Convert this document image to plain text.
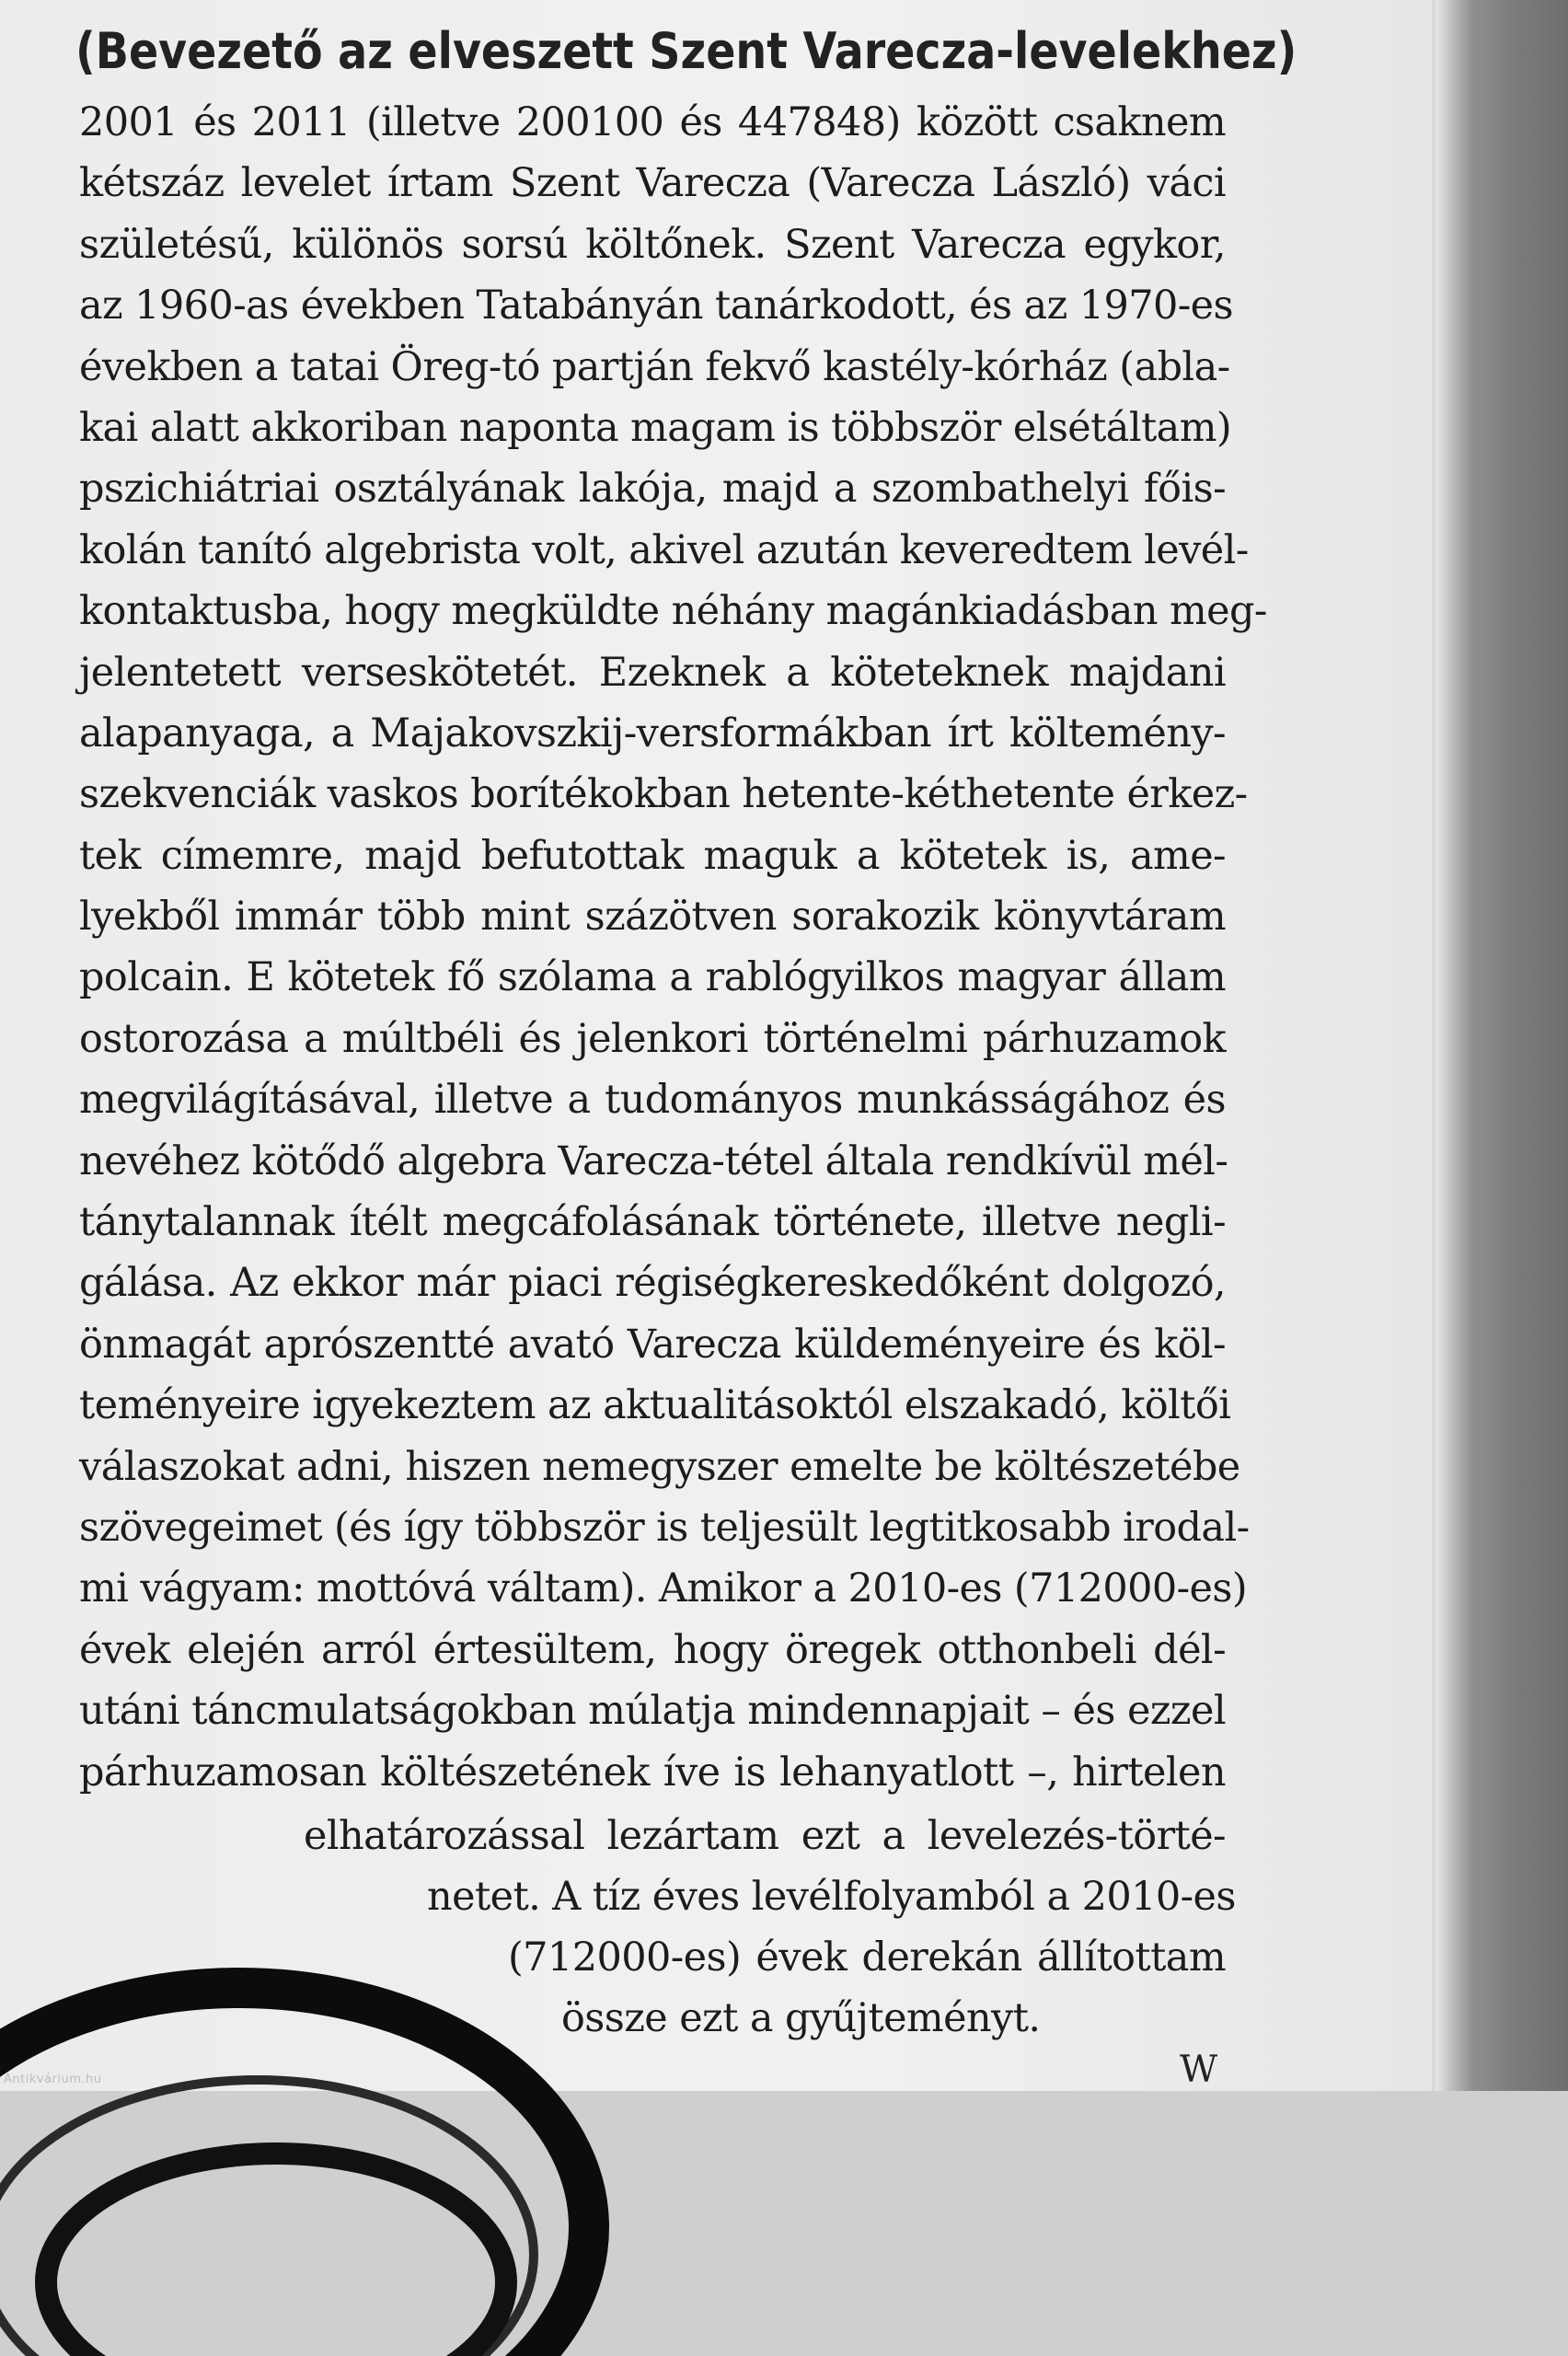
(Bevezető az elveszett Szent Varecza-levelekhez)
2001 és 2011 (illetve 200100 és 447848) között csaknem
kétszáz levelet írtam Szent Varecza (Varecza László) váci
születésű, különös sorsú költőnek. Szent Varecza egykor,
az 1960-as években Tatabányán tanárkodott, és az 1970-es
években a tatai Öreg-tó partján fekvő kastély-kórház (abla-
kai alatt akkoriban naponta magam is többször elsétáltam)
pszichiátriai osztályának lakója, majd a szombathelyi főis-
kolán tanító algebrista volt, akivel azután keveredtem levél-
kontaktusba, hogy megküldte néhány magánkiadásban meg-
jelentetett verseskötetét. Ezeknek a köteteknek majdani
alapanyaga, a Majakovszkij-versformákban írt költemény-
szekvenciák vaskos borítékokban hetente-kéthetente érkez-
tek címemre, majd befutottak maguk a kötetek is, ame-
lyekből immár több mint százötven sorakozik könyvtáram
polcain. E kötetek fő szólama a rablógyilkos magyar állam
ostorozása a múltbéli és jelenkori történelmi párhuzamok
megvilágításával, illetve a tudományos munkásságához és
nevéhez kötődő algebra Varecza-tétel általa rendkívül mél-
tánytalannak ítélt megcáfolásának története, illetve negli-
gálása. Az ekkor már piaci régiségkereskedőként dolgozó,
önmagát aprószentté avató Varecza küldeményeire és köl-
teményeire igyekeztem az aktualitásoktól elszakadó, költői
válaszokat adni, hiszen nemegyszer emelte be költészetébe
szövegeimet (és így többször is teljesült legtitkosabb irodal-
mi vágyam: mottóvá váltam). Amikor a 2010-es (712000-es)
évek elején arról értesültem, hogy öregek otthonbeli dél-
utáni táncmulatságokban múlatja mindennapjait – és ezzel
párhuzamosan költészetének íve is lehanyatlott –, hirtelen
elhatározással lezártam ezt a levelezés-törté-
netet. A tíz éves levélfolyamból a 2010-es
(712000-es) évek derekán állítottam
össze ezt a gyűjteményt.
W
Antikvárium.hu
